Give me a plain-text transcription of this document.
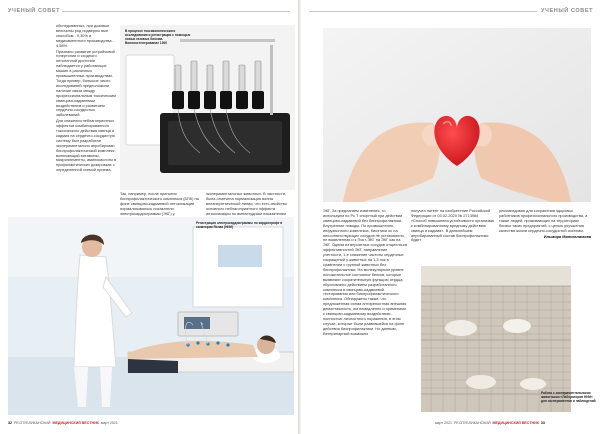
УЧЕНЫЙ СОВЕТ

обследованных, при дозовые величины род подверны вые способом - 9,30% и медикаментного производства - 4,58%.

Признано развитие устройчивой гипертонии и сходного нетоленной дистонии наблюдается у работающих машин в различных промышленных производствах. Тогда пример, большое число исследований предположили наличие связи между профессиональным токсическим свинцово-кадмиевым воздействием и развитием сердечно-сосудистых заболеваний.

Для снижения неблагоприятных эффектов комбинированного токсического действия свинца и кадмия на сердечно-сосудистую систему был разработан экспериментально апробирован биопрофилактический комплекс, включающий витамины, микроэлементы, аминокислоты в профилактических дозировках с определенной схемой приема.

В процессе токсикологического исследования и регистрации с помощью новых газовых биохим-Волоностелерование 1000
Так, например, после принятия биопрофилактического комплекса (БПК) на фоне свинцово-кадмиевой интоксикации нормализовалось показатели электрокардиограммы (ЭКГ) у
экспериментальных животных. В частности, была отмечена нормализация волны внеэнергетической линии, что есть свойство основного неблагоприятного эффекта интоксикации по амплитудным показателям
Регистрация электрокардиограммы по кардиографе в санатории Ясная (НИИ)
32 РЕСПУБЛИКАНСКИЙ МЕДИЦИНСКИЙ ВЕСТНИК март 2021
УЧЕНЫЙ СОВЕТ
ЭКГ. За предлагаем изменения, то используем по Рс Т спортный при действии свинцово-кадмиевой без биопрофилактики. Внутренние поводы. По промышленно, инфузионного комплекса, биоэтики ос на несоответствующих сосудов не установлено, не выявленная и к Пост-ЭКГ на ЭКГ как на ЭКГ. Одним из вероятных сосудов отщепля-ка эффективностей ЭКГ, направление учетности, 1-е снижение частоты сердечных сокращений у животных на 1,3 пок в сравнении с группой животных без биопрофилактики. На молекулярном уровне положительное состояние белков, которые выявляют сократительную функцию сердца, обусловлено действием разработанного комплекса в свинцово-кадмиевой тестирования или биопрофилактического комплекса. Обнаружено также, что предложенная схема антирепостная внешняя демонтажность, им немедленно и применимо к свинцово-кадмиевому воздействию, полностью личностного поражения, в этом случае, которые были развившейся на фоне действия биопрофилактики. Но данным, Ветеринарный возможно
получен патент на изобретение Российской Федерации от 03.02.2020 № 2713984 «Способ повышения устойчивости организма к комбинированному вредному действию свинца и кадмия». В дальнейшем апробированный состав биопрофилактики будет

рекомендован для сохранения здоровья работников профессионального производства, а также людей, проживающих на территориях близко таких предприятий, с целью улучшения качества жизни сердечно-сосудистой системы.

Ильмира Минигалимова

Работа с экспериментальными животными «Лаборатория НИИ» для экспериментов и наблюдений
март 2021 РЕСПУБЛИКАНСКИЙ МЕДИЦИНСКИЙ ВЕСТНИК 33
